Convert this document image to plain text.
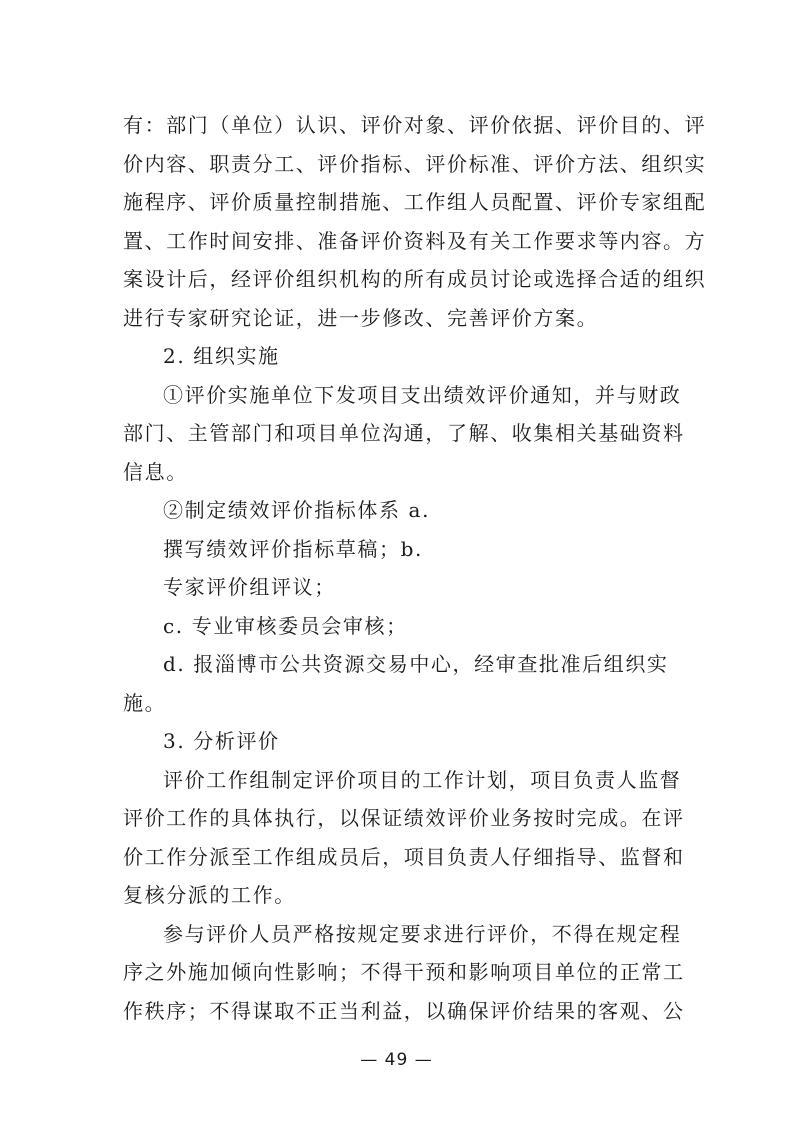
有：部门（单位）认识、评价对象、评价依据、评价目的、评
价内容、职责分工、评价指标、评价标准、评价方法、组织实
施程序、评价质量控制措施、工作组人员配置、评价专家组配
置、工作时间安排、准备评价资料及有关工作要求等内容。方
案设计后，经评价组织机构的所有成员讨论或选择合适的组织
进行专家研究论证，进一步修改、完善评价方案。
2. 组织实施
①评价实施单位下发项目支出绩效评价通知，并与财政
部门、主管部门和项目单位沟通，了解、收集相关基础资料
信息。
②制定绩效评价指标体系 a.
撰写绩效评价指标草稿；b.
专家评价组评议；
c. 专业审核委员会审核；
d. 报淄博市公共资源交易中心，经审查批准后组织实
施。
3. 分析评价
评价工作组制定评价项目的工作计划，项目负责人监督
评价工作的具体执行，以保证绩效评价业务按时完成。在评
价工作分派至工作组成员后，项目负责人仔细指导、监督和
复核分派的工作。
参与评价人员严格按规定要求进行评价，不得在规定程
序之外施加倾向性影响；不得干预和影响项目单位的正常工
作秩序；不得谋取不正当利益，以确保评价结果的客观、公
— 49 —
